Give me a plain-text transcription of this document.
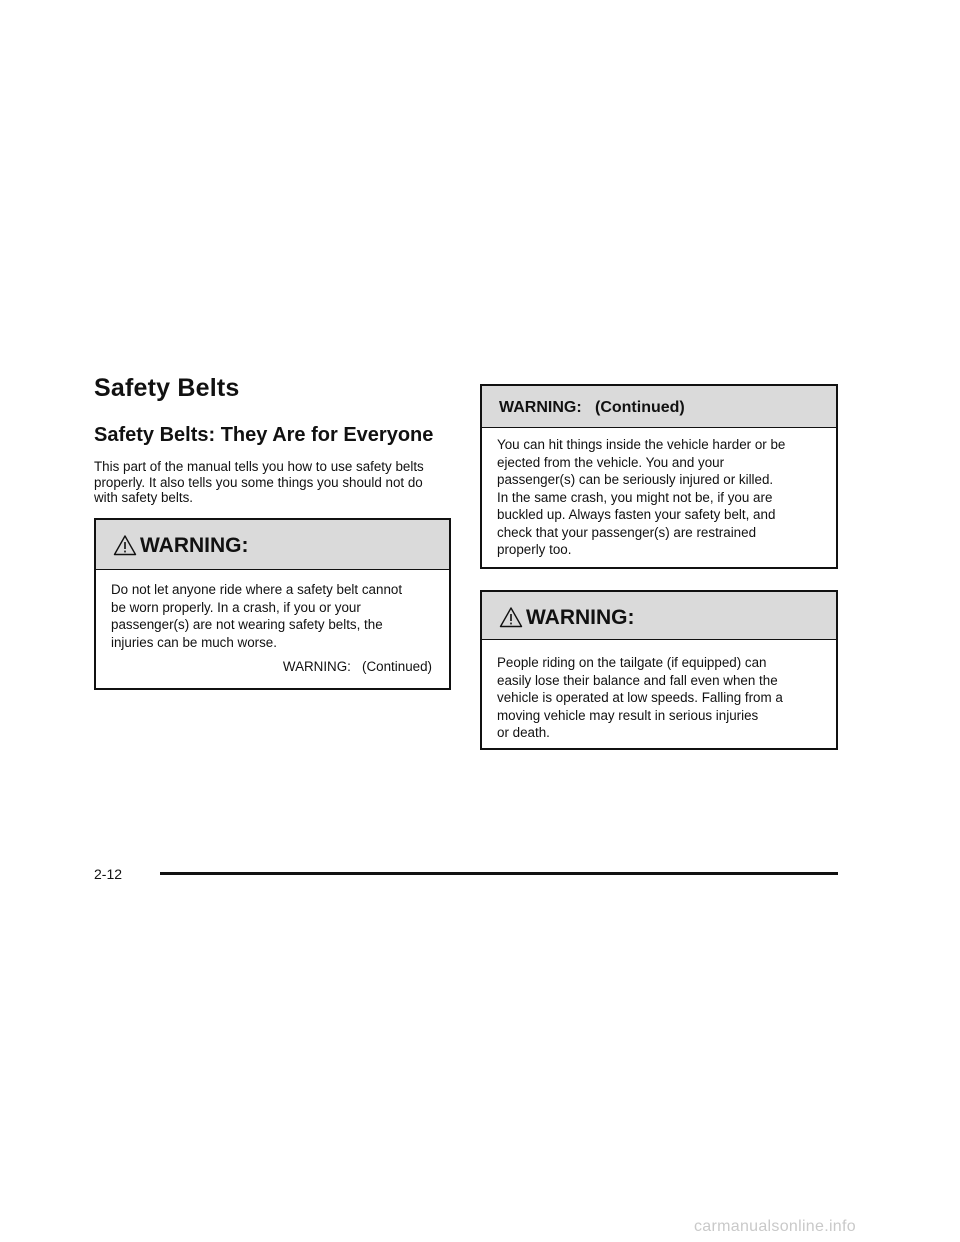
Safety Belts
Safety Belts: They Are for Everyone

This part of the manual tells you how to use safety belts properly. It also tells you some things you should not do with safety belts.

WARNING:
Do not let anyone ride where a safety belt cannot
be worn properly. In a crash, if you or your
passenger(s) are not wearing safety belts, the
injuries can be much worse.
WARNING:   (Continued)
WARNING:   (Continued)
You can hit things inside the vehicle harder or be
ejected from the vehicle. You and your
passenger(s) can be seriously injured or killed.
In the same crash, you might not be, if you are
buckled up. Always fasten your safety belt, and
check that your passenger(s) are restrained
properly too.
WARNING:
People riding on the tailgate (if equipped) can
easily lose their balance and fall even when the
vehicle is operated at low speeds. Falling from a
moving vehicle may result in serious injuries
or death.
2-12
carmanualsonline.info
